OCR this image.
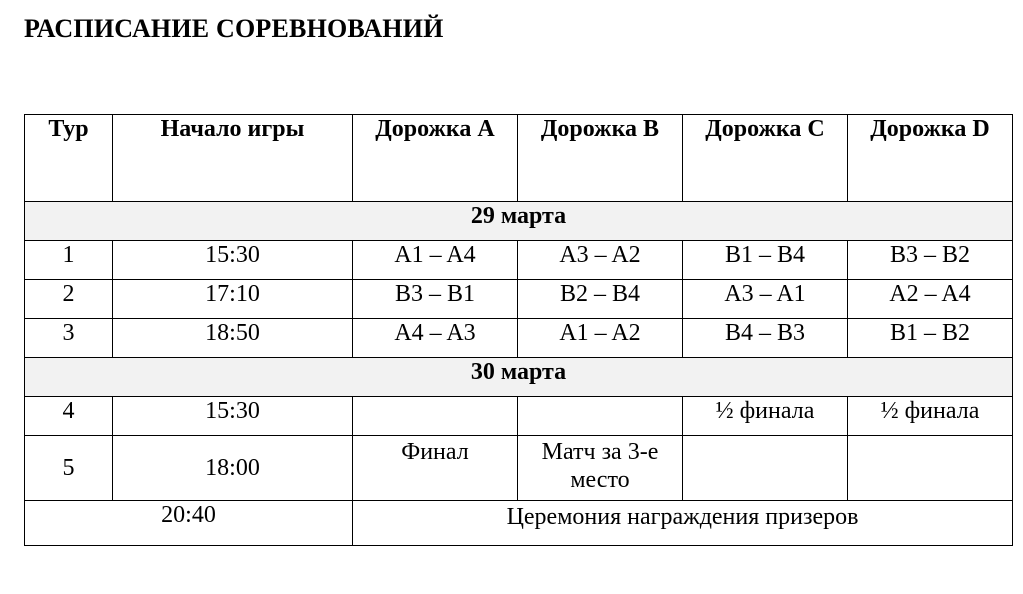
РАСПИСАНИЕ СОРЕВНОВАНИЙ
Тур	Начало игры	Дорожка A	Дорожка B	Дорожка C	Дорожка D
29 марта					
1	15:30	A1 – A4	A3 – A2	B1 – B4	B3 – B2
2	17:10	B3 – B1	B2 – B4	A3 – A1	A2 – A4
3	18:50	A4 – A3	A1 – A2	B4 – B3	B1 – B2
30 марта					
4	15:30			½ финала	½ финала
5	18:00	Финал	Матч за 3-е место		
20:40		Церемония награждения призеров			
